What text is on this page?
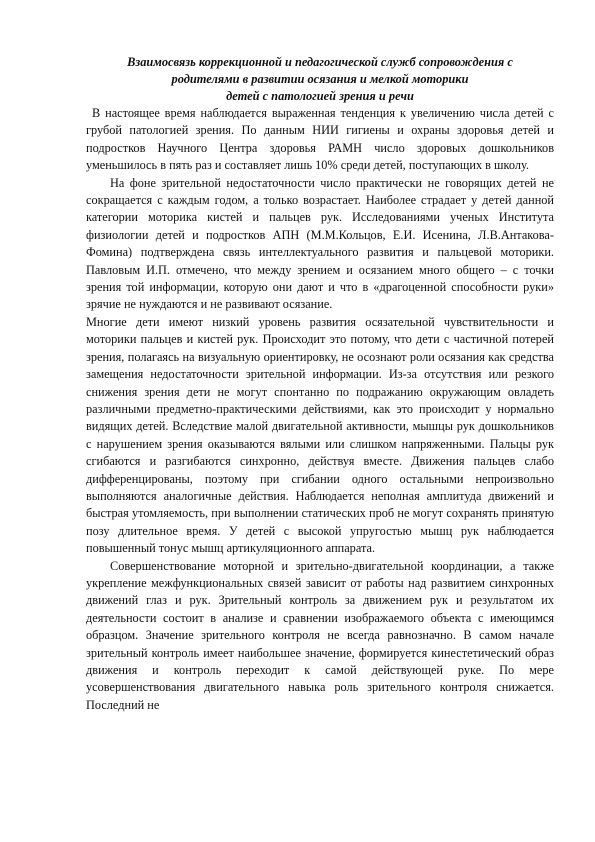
Взаимосвязь коррекционной и педагогической служб сопровождения с
родителями в развитии осязания и мелкой моторики
детей с патологией зрения и речи

В настоящее время наблюдается выраженная тенденция к увеличению числа детей с грубой патологией зрения. По данным НИИ гигиены и охраны здоровья детей и подростков Научного Центра здоровья РАМН число здоровых дошкольников уменьшилось в пять раз и составляет лишь 10% среди детей, поступающих в школу.

На фоне зрительной недостаточности число практически не говорящих детей не сокращается с каждым годом, а только возрастает. Наиболее страдает у детей данной категории моторика кистей и пальцев рук. Исследованиями ученых Института физиологии детей и подростков АПН (М.М.Кольцов, Е.И. Исенина, Л.В.Антакова-Фомина) подтверждена связь интеллектуального развития и пальцевой моторики. Павловым И.П. отмечено, что между зрением и осязанием много общего – с точки зрения той информации, которую они дают и что в «драгоценной способности руки» зрячие не нуждаются и не развивают осязание.

Многие дети имеют низкий уровень развития осязательной чувствительности и моторики пальцев и кистей рук. Происходит это потому, что дети с частичной потерей зрения, полагаясь на визуальную ориентировку, не осознают роли осязания как средства замещения недостаточности зрительной информации. Из-за отсутствия или резкого снижения зрения дети не могут спонтанно по подражанию окружающим овладеть различными предметно-практическими действиями, как это происходит у нормально видящих детей. Вследствие малой двигательной активности, мышцы рук дошкольников с нарушением зрения оказываются вялыми или слишком напряженными. Пальцы рук сгибаются и разгибаются синхронно, действуя вместе. Движения пальцев слабо дифференцированы, поэтому при сгибании одного остальными непроизвольно выполняются аналогичные действия. Наблюдается неполная амплитуда движений и быстрая утомляемость, при выполнении статических проб не могут сохранять принятую позу длительное время. У детей с высокой упругостью мышц рук наблюдается повышенный тонус мышц артикуляционного аппарата.

Совершенствование моторной и зрительно-двигательной координации, а также укрепление межфункциональных связей зависит от работы над развитием синхронных движений глаз и рук. Зрительный контроль за движением рук и результатом их деятельности состоит в анализе и сравнении изображаемого объекта с имеющимся образцом. Значение зрительного контроля не всегда равнозначно. В самом начале зрительный контроль имеет наибольшее значение, формируется кинестетический образ движения и контроль переходит к самой действующей руке. По мере усовершенствования двигательного навыка роль зрительного контроля снижается. Последний не
